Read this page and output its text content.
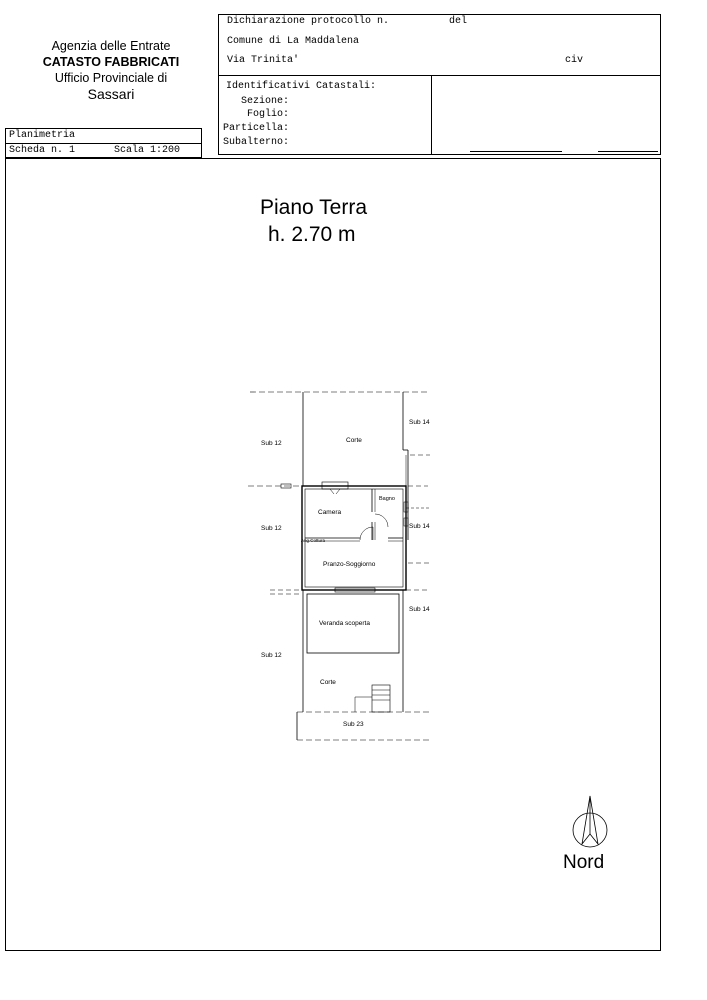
Agenzia delle Entrate
CATASTO FABBRICATI
Ufficio Provinciale di
Sassari
Dichiarazione protocollo n.	del
Comune di La Maddalena
Via Trinita'	civ
Identificativi Catastali:
Sezione:
Foglio:
Particella:
Subalterno:
Planimetria
Scheda n. 1	Scala 1:200
Piano Terra
h. 2.70 m
Corte
Sub 12
Sub 14
Camera
Bagno
Sub 12	Sub 14
Ang.Cottura
Pranzo-Soggiorno
Sub 14
Veranda scoperta
Sub 12
Corte
Sub 23
Nord
